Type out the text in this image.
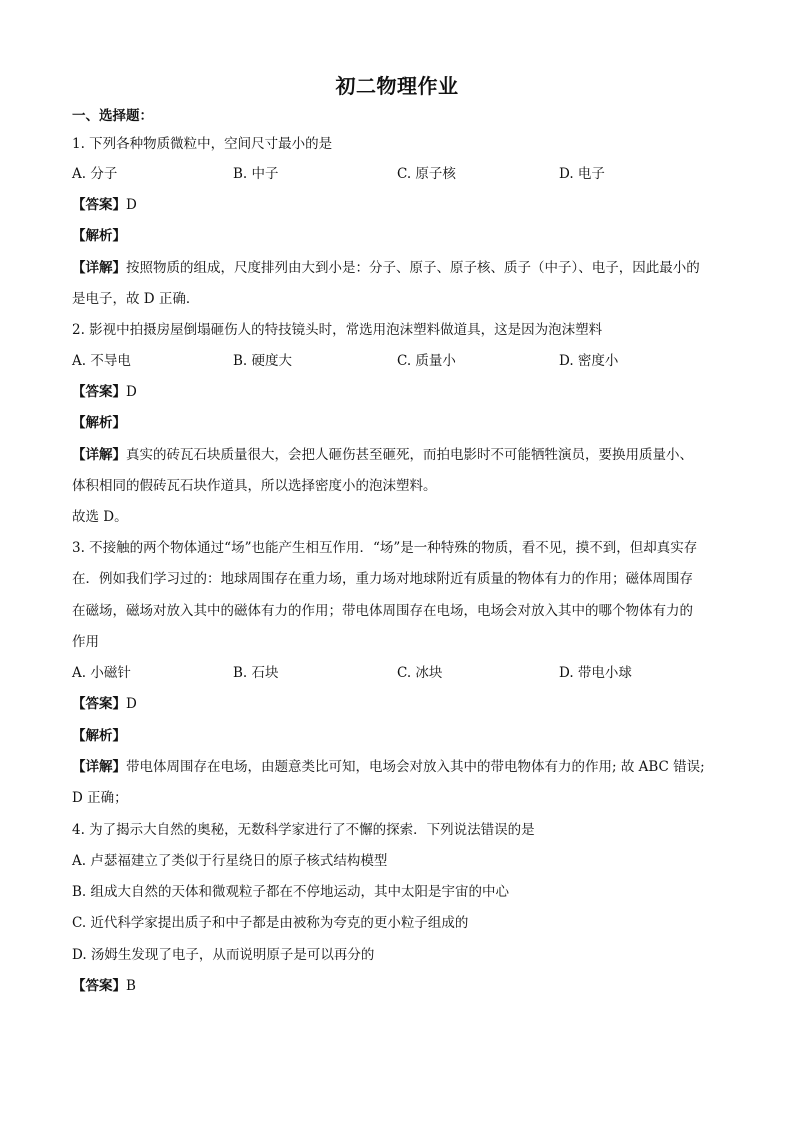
初二物理作业
一、选择题：
1. 下列各种物质微粒中，空间尺寸最小的是
A. 分子	B. 中子	C. 原子核	D. 电子
【答案】D
【解析】
【详解】按照物质的组成，尺度排列由大到小是：分子、原子、原子核、质子（中子）、电子，因此最小的
是电子，故 D 正确．
2. 影视中拍摄房屋倒塌砸伤人的特技镜头时，常选用泡沫塑料做道具，这是因为泡沫塑料
A. 不导电	B. 硬度大	C. 质量小	D. 密度小
【答案】D
【解析】
【详解】真实的砖瓦石块质量很大，会把人砸伤甚至砸死，而拍电影时不可能牺牲演员，要换用质量小、
体积相同的假砖瓦石块作道具，所以选择密度小的泡沫塑料。
故选 D。
3. 不接触的两个物体通过“场”也能产生相互作用．“场”是一种特殊的物质，看不见，摸不到，但却真实存
在．例如我们学习过的：地球周围存在重力场，重力场对地球附近有质量的物体有力的作用；磁体周围存
在磁场，磁场对放入其中的磁体有力的作用；带电体周围存在电场，电场会对放入其中的哪个物体有力的
作用
A. 小磁针	B. 石块	C. 冰块	D. 带电小球
【答案】D
【解析】
【详解】带电体周围存在电场，由题意类比可知，电场会对放入其中的带电物体有力的作用; 故 ABC 错误;
D 正确；
4. 为了揭示大自然的奥秘，无数科学家进行了不懈的探索．下列说法错误的是
A. 卢瑟福建立了类似于行星绕日的原子核式结构模型
B. 组成大自然的天体和微观粒子都在不停地运动，其中太阳是宇宙的中心
C. 近代科学家提出质子和中子都是由被称为夸克的更小粒子组成的
D. 汤姆生发现了电子，从而说明原子是可以再分的
【答案】B
